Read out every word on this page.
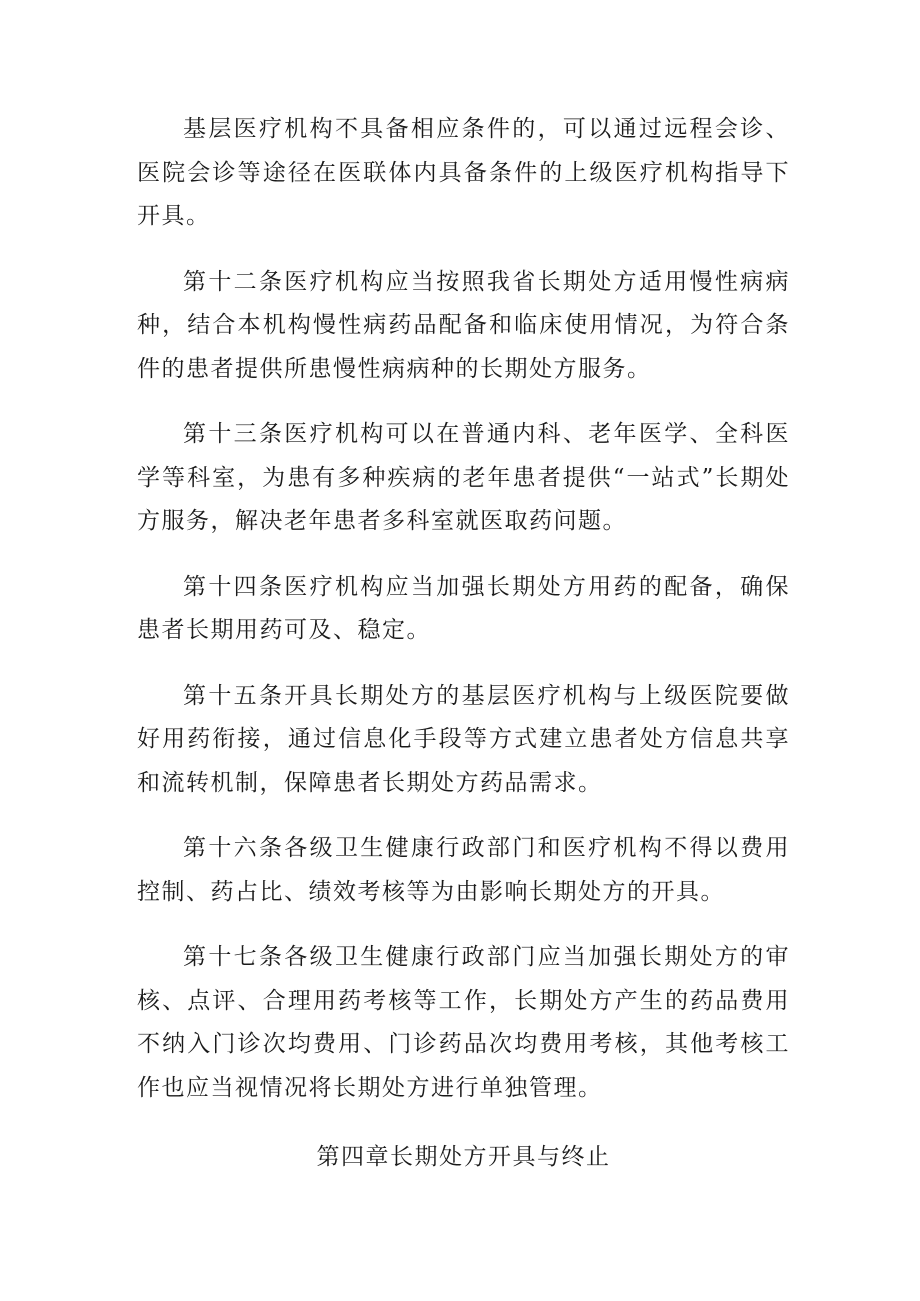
基层医疗机构不具备相应条件的，可以通过远程会诊、医院会诊等途径在医联体内具备条件的上级医疗机构指导下开具。

第十二条医疗机构应当按照我省长期处方适用慢性病病种，结合本机构慢性病药品配备和临床使用情况，为符合条件的患者提供所患慢性病病种的长期处方服务。

第十三条医疗机构可以在普通内科、老年医学、全科医学等科室，为患有多种疾病的老年患者提供“一站式”长期处方服务，解决老年患者多科室就医取药问题。

第十四条医疗机构应当加强长期处方用药的配备，确保患者长期用药可及、稳定。

第十五条开具长期处方的基层医疗机构与上级医院要做好用药衔接，通过信息化手段等方式建立患者处方信息共享和流转机制，保障患者长期处方药品需求。

第十六条各级卫生健康行政部门和医疗机构不得以费用控制、药占比、绩效考核等为由影响长期处方的开具。

第十七条各级卫生健康行政部门应当加强长期处方的审核、点评、合理用药考核等工作，长期处方产生的药品费用不纳入门诊次均费用、门诊药品次均费用考核，其他考核工作也应当视情况将长期处方进行单独管理。

第四章长期处方开具与终止
